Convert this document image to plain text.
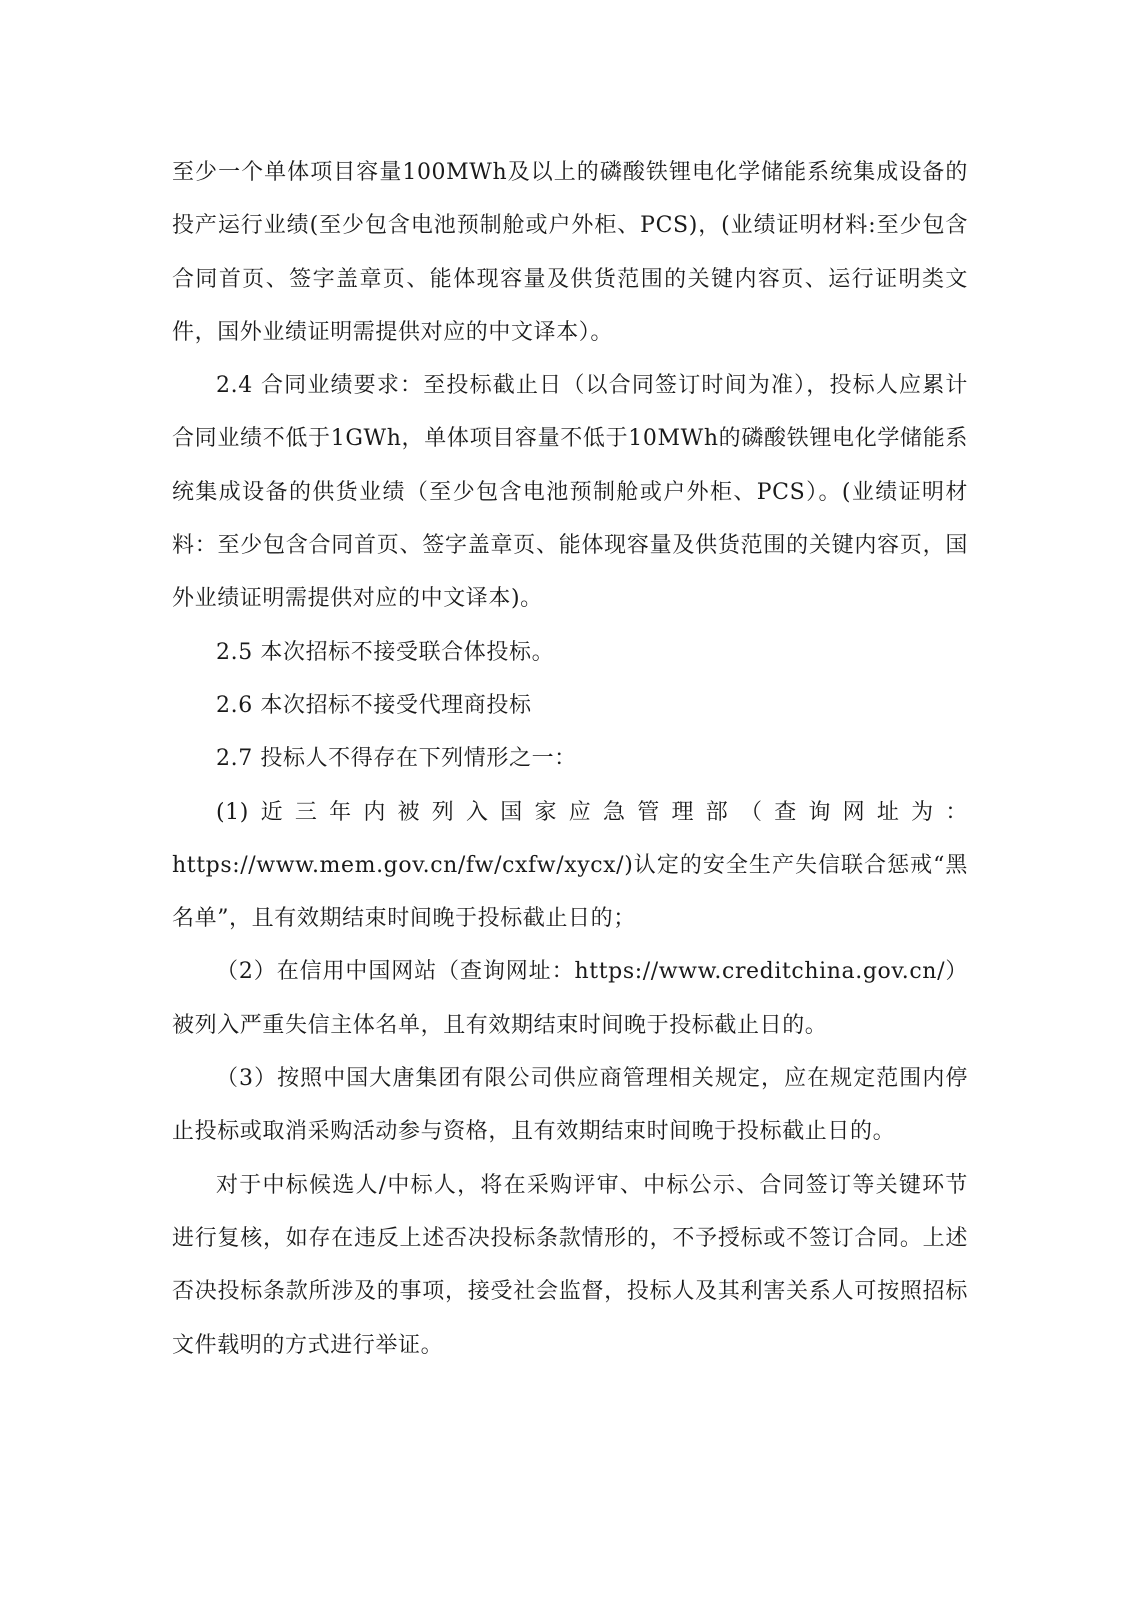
至少一个单体项目容量100MWh及以上的磷酸铁锂电化学储能系统集成设备的投产运行业绩(至少包含电池预制舱或户外柜、PCS)，(业绩证明材料:至少包含合同首页、签字盖章页、能体现容量及供货范围的关键内容页、运行证明类文件，国外业绩证明需提供对应的中文译本）。

2.4 合同业绩要求：至投标截止日（以合同签订时间为准），投标人应累计合同业绩不低于1GWh，单体项目容量不低于10MWh的磷酸铁锂电化学储能系统集成设备的供货业绩（至少包含电池预制舱或户外柜、PCS）。(业绩证明材料：至少包含合同首页、签字盖章页、能体现容量及供货范围的关键内容页，国外业绩证明需提供对应的中文译本)。

2.5 本次招标不接受联合体投标。

2.6 本次招标不接受代理商投标

2.7 投标人不得存在下列情形之一：

(1)近三年内被列入国家应急管理部（查询网址为：https://www.mem.gov.cn/fw/cxfw/xycx/)认定的安全生产失信联合惩戒“黑名单”，且有效期结束时间晚于投标截止日的；

（2）在信用中国网站（查询网址：https://www.creditchina.gov.cn/）被列入严重失信主体名单，且有效期结束时间晚于投标截止日的。

（3）按照中国大唐集团有限公司供应商管理相关规定，应在规定范围内停止投标或取消采购活动参与资格，且有效期结束时间晚于投标截止日的。

对于中标候选人/中标人，将在采购评审、中标公示、合同签订等关键环节进行复核，如存在违反上述否决投标条款情形的，不予授标或不签订合同。上述否决投标条款所涉及的事项，接受社会监督，投标人及其利害关系人可按照招标文件载明的方式进行举证。
